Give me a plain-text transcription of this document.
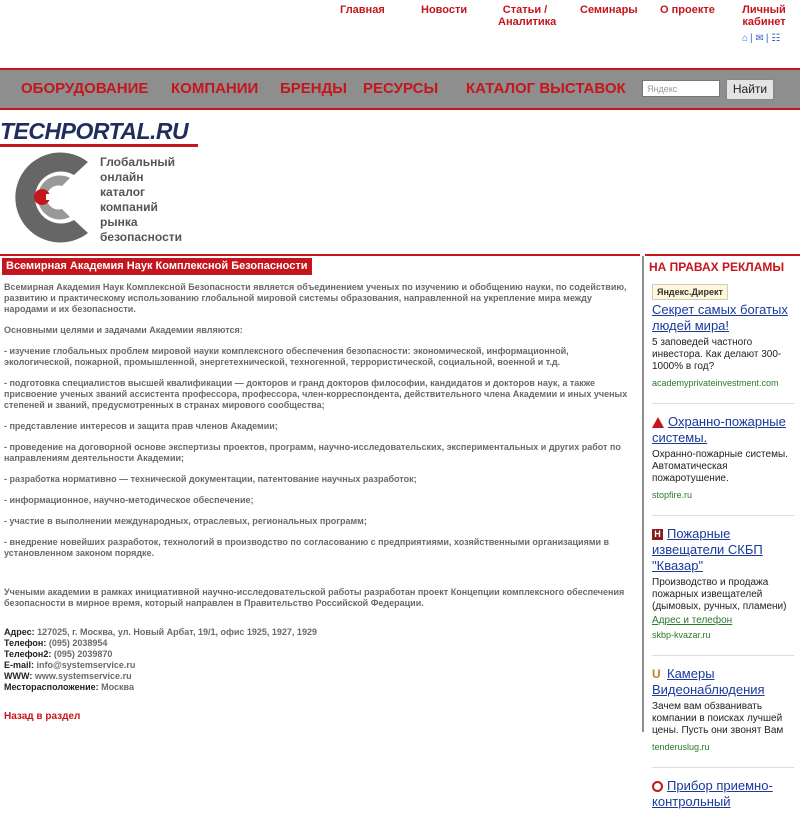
Главная	Новости	Статьи /
Аналитика
Семинары О проекте Личный
кабинет
⌂ | ✉ | ☷
ОБОРУДОВАНИЕ КОМПАНИИ БРЕНДЫ РЕСУРСЫ КАТАЛОГ ВЫСТАВОК	Яндекс	Найти
TECHPORTAL.RU
Глобальный
онлайн
каталог
компаний
рынка
безопасности
Всемирная Академия Наук Комплексной Безопасности	НА ПРАВАХ РЕКЛАМЫ

Всемирная Академия Наук Комплексной Безопасности является объединением ученых по изучению и обобщению науки, по содействию, развитию и практическому использованию глобальной мировой системы образования, направленной на укрепление мира между народами и их безопасности.

Основными целями и задачами Академии являются:

- изучение глобальных проблем мировой науки комплексного обеспечения безопасности: экономической, информационной, экологической, пожарной, промышленной, энергетехнической, техногенной, террористической, социальной, военной и т.д.

- подготовка специалистов высшей квалификации — докторов и гранд докторов философии, кандидатов и докторов наук, а также присвоение ученых званий ассистента профессора, профессора, член-корреспондента, действительного члена Академии и иных ученых степеней и званий, предусмотренных в странах мирового сообщества;

- представление интересов и защита прав членов Академии;

- проведение на договорной основе экспертизы проектов, программ, научно-исследовательских, экспериментальных и других работ по направлениям деятельности Академии;

- разработка нормативно — технической документации, патентование научных разработок;

- информационное, научно-методическое обеспечение;

- участие в выполнении международных, отраслевых, региональных программ;

- внедрение новейших разработок, технологий в производство по согласованию с предприятиями, хозяйственными организациями в установленном законом порядке.

Учеными академии в рамках инициативной научно-исследовательской работы разработан проект Концепции комплексного обеспечения безопасности в мирное время, который направлен в Правительство Российской Федерации.

Адрес: 127025, г. Москва, ул. Новый Арбат, 19/1, офис 1925, 1927, 1929
Телефон: (095) 2038954
Телефон2: (095) 2039870
E-mail: info@systemservice.ru
WWW: www.systemservice.ru
Месторасположение: Москва
Назад в раздел
Яндекс.Директ
Секрет самых богатых людей мира!
5 заповедей частного инвестора. Как делают 300-1000% в год?
academyprivateinvestment.com
Охранно-пожарные системы.
Охранно-пожарные системы. Автоматическая пожаротушение.
stopfire.ru
H Пожарные извещатели СКБП "Квазар"
Производство и продажа пожарных извещателей (дымовых, ручных, пламени)
Адрес и телефон
skbp-kvazar.ru
U Камеры Видеонаблюдения
Зачем вам обзванивать компании в поисках лучшей цены. Пусть они звонят Вам
tenderuslug.ru
Прибор приемно-контрольный
